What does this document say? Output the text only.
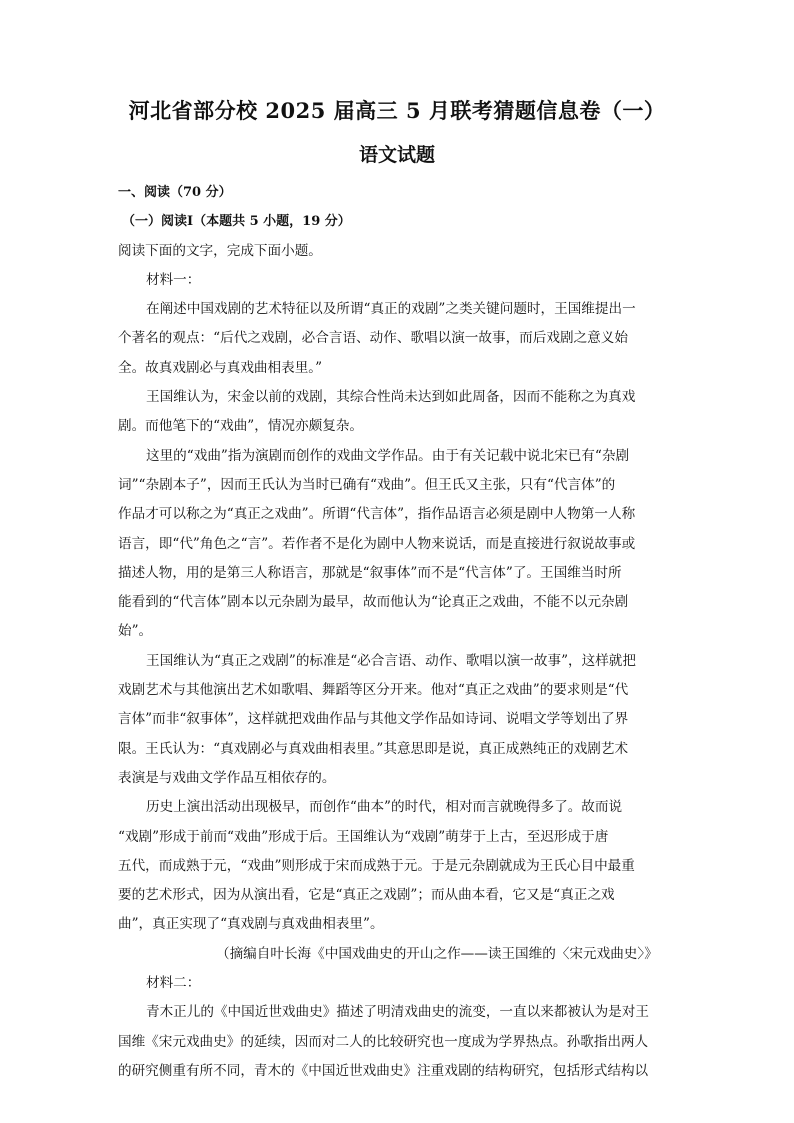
河北省部分校 2025 届高三 5 月联考猜题信息卷（一）
语文试题
一、阅读（70 分）
（一）阅读Ⅰ（本题共 5 小题，19 分）
阅读下面的文字，完成下面小题。
材料一：
在阐述中国戏剧的艺术特征以及所谓“真正的戏剧”之类关键问题时，王国维提出一
个著名的观点：“后代之戏剧，必合言语、动作、歌唱以演一故事，而后戏剧之意义始
全。故真戏剧必与真戏曲相表里。”
王国维认为，宋金以前的戏剧，其综合性尚未达到如此周备，因而不能称之为真戏
剧。而他笔下的“戏曲”，情况亦颇复杂。
这里的“戏曲”指为演剧而创作的戏曲文学作品。由于有关记载中说北宋已有“杂剧
词”“杂剧本子”，因而王氏认为当时已确有“戏曲”。但王氏又主张，只有“代言体”的
作品才可以称之为“真正之戏曲”。所谓“代言体”，指作品语言必须是剧中人物第一人称
语言，即“代”角色之“言”。若作者不是化为剧中人物来说话，而是直接进行叙说故事或
描述人物，用的是第三人称语言，那就是“叙事体”而不是“代言体”了。王国维当时所
能看到的“代言体”剧本以元杂剧为最早，故而他认为“论真正之戏曲，不能不以元杂剧
始”。
王国维认为“真正之戏剧”的标准是“必合言语、动作、歌唱以演一故事”，这样就把
戏剧艺术与其他演出艺术如歌唱、舞蹈等区分开来。他对“真正之戏曲”的要求则是“代
言体”而非“叙事体”，这样就把戏曲作品与其他文学作品如诗词、说唱文学等划出了界
限。王氏认为：“真戏剧必与真戏曲相表里。”其意思即是说，真正成熟纯正的戏剧艺术
表演是与戏曲文学作品互相依存的。
历史上演出活动出现极早，而创作“曲本”的时代，相对而言就晚得多了。故而说
“戏剧”形成于前而“戏曲”形成于后。王国维认为“戏剧”萌芽于上古，至迟形成于唐
五代，而成熟于元，“戏曲”则形成于宋而成熟于元。于是元杂剧就成为王氏心目中最重
要的艺术形式，因为从演出看，它是“真正之戏剧”；而从曲本看，它又是“真正之戏
曲”，真正实现了“真戏剧与真戏曲相表里”。
（摘编自叶长海《中国戏曲史的开山之作——读王国维的〈宋元戏曲史〉》
材料二：
青木正儿的《中国近世戏曲史》描述了明清戏曲史的流变，一直以来都被认为是对王
国维《宋元戏曲史》的延续，因而对二人的比较研究也一度成为学界热点。孙歌指出两人
的研究侧重有所不同，青木的《中国近世戏曲史》注重戏剧的结构研究，包括形式结构以
